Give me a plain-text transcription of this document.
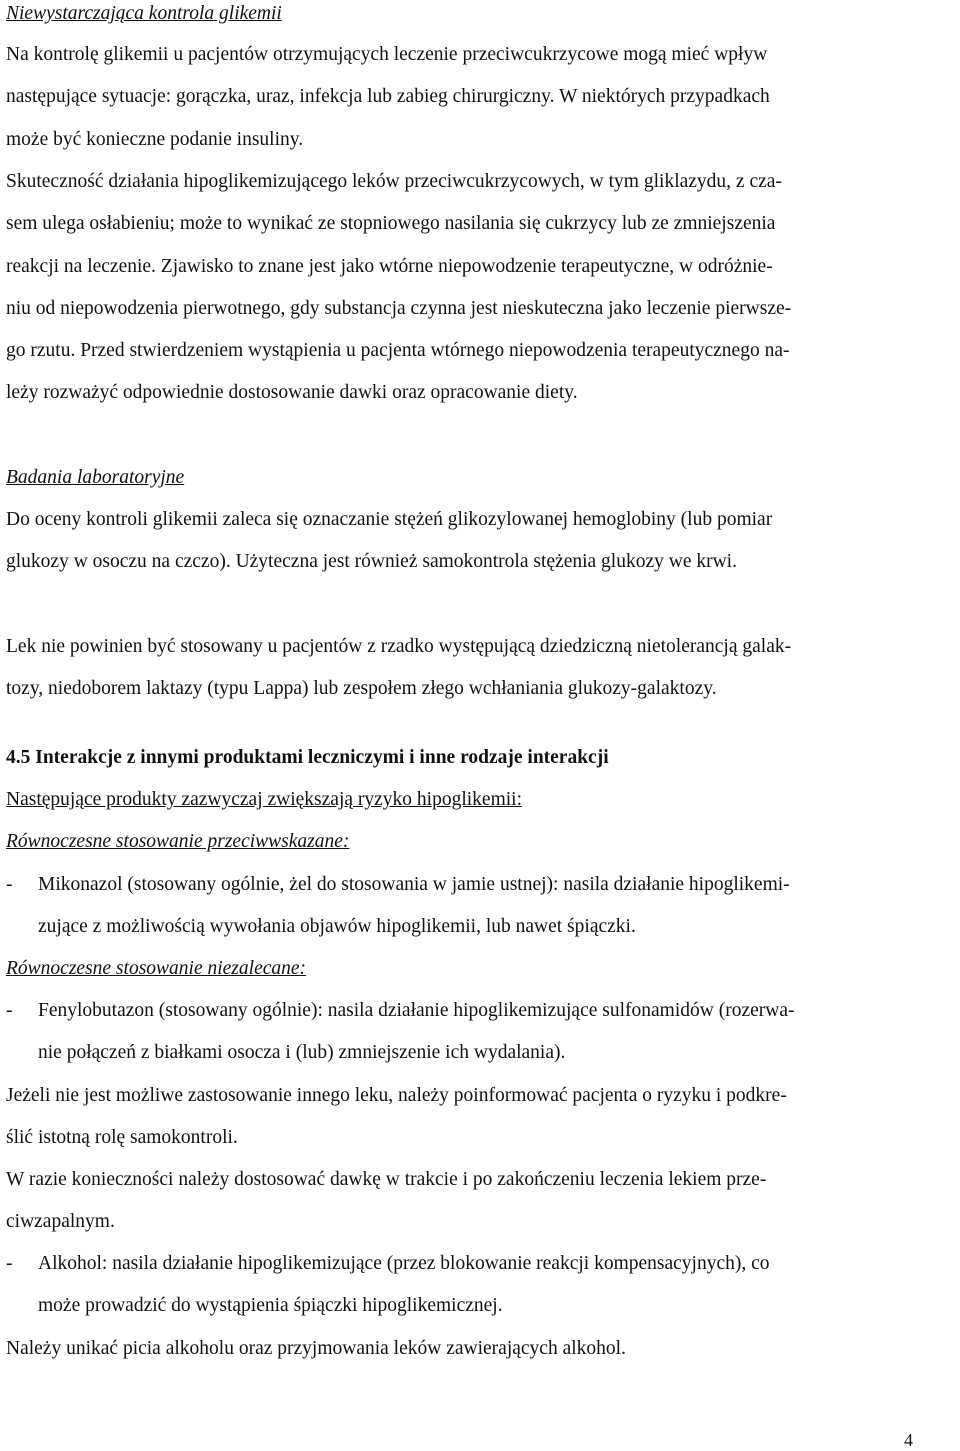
Niewystarczająca kontrola glikemii
Na kontrolę glikemii u pacjentów otrzymujących leczenie przeciwcukrzycowe mogą mieć wpływ
następujące sytuacje: gorączka, uraz, infekcja lub zabieg chirurgiczny. W niektórych przypadkach
może być konieczne podanie insuliny.
Skuteczność działania hipoglikemizującego leków przeciwcukrzycowych, w tym gliklazydu, z cza-
sem ulega osłabieniu; może to wynikać ze stopniowego nasilania się cukrzycy lub ze zmniejszenia
reakcji na leczenie. Zjawisko to znane jest jako wtórne niepowodzenie terapeutyczne, w odróżnie-
niu od niepowodzenia pierwotnego, gdy substancja czynna jest nieskuteczna jako leczenie pierwsze-
go rzutu. Przed stwierdzeniem wystąpienia u pacjenta wtórnego niepowodzenia terapeutycznego na-
leży rozważyć odpowiednie dostosowanie dawki oraz opracowanie diety.
Badania laboratoryjne
Do oceny kontroli glikemii zaleca się oznaczanie stężeń glikozylowanej hemoglobiny (lub pomiar
glukozy w osoczu na czczo). Użyteczna jest również samokontrola stężenia glukozy we krwi.
Lek nie powinien być stosowany u pacjentów z rzadko występującą dziedziczną nietolerancją galak-
tozy, niedoborem laktazy (typu Lappa) lub zespołem złego wchłaniania glukozy-galaktozy.
4.5 Interakcje z innymi produktami leczniczymi i inne rodzaje interakcji
Następujące produkty zazwyczaj zwiększają ryzyko hipoglikemii:
Równoczesne stosowanie przeciwwskazane:
- Mikonazol (stosowany ogólnie, żel do stosowania w jamie ustnej): nasila działanie hipoglikemi-
zujące z możliwością wywołania objawów hipoglikemii, lub nawet śpiączki.
Równoczesne stosowanie niezalecane:
- Fenylobutazon (stosowany ogólnie): nasila działanie hipoglikemizujące sulfonamidów (rozerwa-
nie połączeń z białkami osocza i (lub) zmniejszenie ich wydalania).
Jeżeli nie jest możliwe zastosowanie innego leku, należy poinformować pacjenta o ryzyku i podkre-
ślić istotną rolę samokontroli.
W razie konieczności należy dostosować dawkę w trakcie i po zakończeniu leczenia lekiem prze-
ciwzapalnym.
- Alkohol: nasila działanie hipoglikemizujące (przez blokowanie reakcji kompensacyjnych), co
może prowadzić do wystąpienia śpiączki hipoglikemicznej.
Należy unikać picia alkoholu oraz przyjmowania leków zawierających alkohol.
4
